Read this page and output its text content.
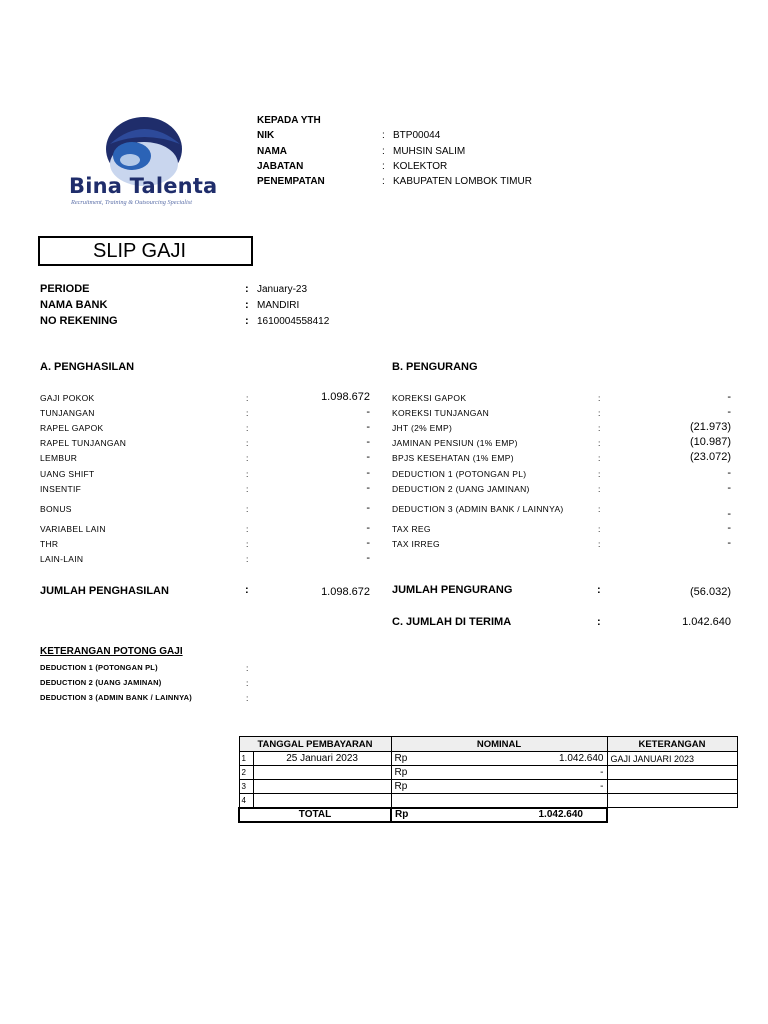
Bina Talenta
Recruitment, Training & Outsourcing Specialist
KEPADA YTH
NIK	: BTP00044
NAMA	: MUHSIN SALIM
JABATAN	: KOLEKTOR
PENEMPATAN	: KABUPATEN LOMBOK TIMUR
SLIP GAJI
PERIODE	: January-23
NAMA BANK	: MANDIRI
NO REKENING	: 1610004558412
A. PENGHASILAN	B. PENGURANG
GAJI POKOK	:	1.098.672
TUNJANGAN	:	-
RAPEL GAPOK	:	-
RAPEL TUNJANGAN	:	-
LEMBUR	:	-
UANG SHIFT	:	-
INSENTIF	:	-
BONUS	:	-
VARIABEL LAIN	:	-
THR	:	-
LAIN-LAIN	:	-
KOREKSI GAPOK	:	-
KOREKSI TUNJANGAN	:	-
JHT (2% EMP)	:	(21.973)
JAMINAN PENSIUN (1% EMP)	:	(10.987)
BPJS KESEHATAN (1% EMP)	:	(23.072)
DEDUCTION 1 (POTONGAN PL)	:	-
DEDUCTION 2 (UANG JAMINAN)	:	-
DEDUCTION 3 (ADMIN BANK / LAINNYA)	:	-
TAX REG	:	-
TAX IRREG	:	-
JUMLAH PENGHASILAN	:	1.098.672 JUMLAH PENGURANG	:	(56.032)
C. JUMLAH DI TERIMA	:	1.042.640
KETERANGAN POTONG GAJI
DEDUCTION 1 (POTONGAN PL)	:
DEDUCTION 2 (UANG JAMINAN)	:
DEDUCTION 3 (ADMIN BANK / LAINNYA)	:
TANGGAL PEMBAYARAN		NOMINAL	KETERANGAN
1	25 Januari 2023	Rp 1.042.640	GAJI JANUARI 2023
2		Rp -	

3		Rp -	

4		

TOTAL		Rp 1.042.640	
